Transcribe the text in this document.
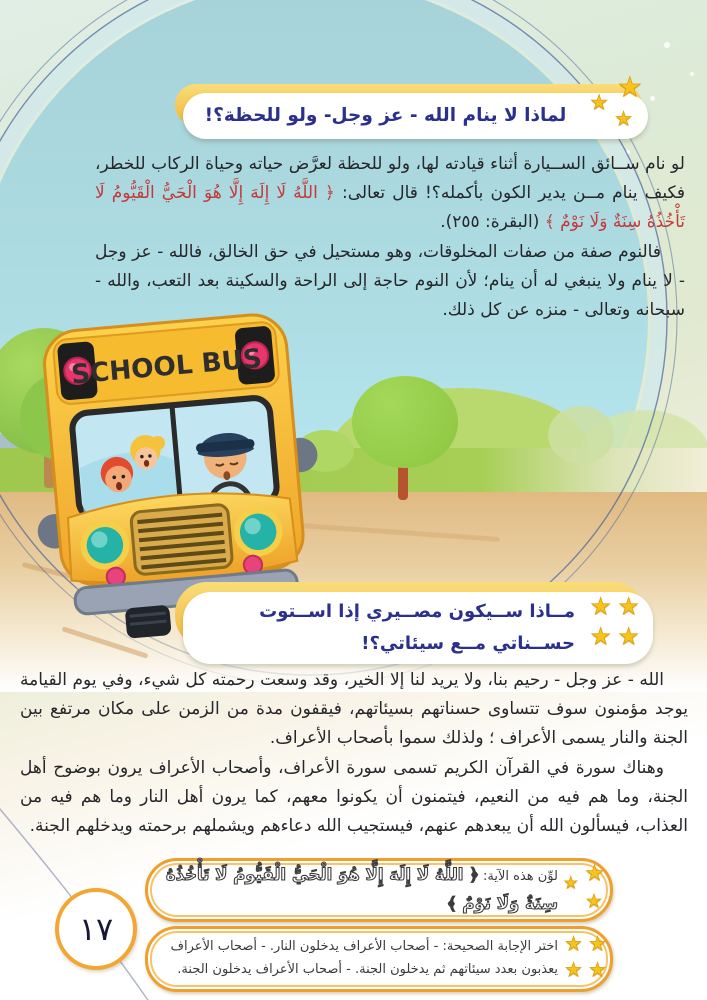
لماذا لا ينام الله - عز وجل- ولو للحظة؟!
★
★
★

لو نام ســائق الســيارة أثناء قيادته لها، ولو للحظة لعرَّض حياته وحياة الركاب للخطر، فكيف ينام مــن يدير الكون بأكمله؟! قال تعالى: ﴿ اللَّهُ لَا إِلَهَ إِلَّا هُوَ الْحَيُّ الْقَيُّومُ لَا تَأْخُذُهُ سِنَةٌ وَلَا نَوْمٌ ﴾ (البقرة: ٢٥٥).

فالنوم صفة من صفات المخلوقات، وهو مستحيل في حق الخالق، فالله - عز وجل - لا ينام ولا ينبغي له أن ينام؛ لأن النوم حاجة إلى الراحة والسكينة بعد التعب، والله - سبحانه وتعالى - منزه عن كل ذلك.

SCHOOL BUS
مــاذا ســيكون مصــيري إذا اســتوت حســناتي مــع سيئاتي؟!
★
★
★
★

الله - عز وجل - رحيم بنا، ولا يريد لنا إلا الخير، وقد وسعت رحمته كل شيء، وفي يوم القيامة يوجد مؤمنون سوف تتساوى حسناتهم بسيئاتهم، فيقفون مدة من الزمن على مكان مرتفع بين الجنة والنار يسمى الأعراف ؛ ولذلك سموا بأصحاب الأعراف.

وهناك سورة في القرآن الكريم تسمى سورة الأعراف، وأصحاب الأعراف يرون بوضوح أهل الجنة، وما هم فيه من النعيم، فيتمنون أن يكونوا معهم، كما يرون أهل النار وما هم فيه من العذاب، فيسألون الله أن يبعدهم عنهم، فيستجيب الله دعاءهم ويشملهم برحمته ويدخلهم الجنة.

★
★
★
لوِّن هذه الآية: ﴿ اللَّهُ لَا إِلَهَ إِلَّا هُوَ الْحَيُّ الْقَيُّومُ لَا تَأْخُذُهُ سِنَةٌ وَلَا نَوْمٌ ﴾
★
★
★
★
اختر الإجابة الصحيحة: - أصحاب الأعراف يدخلون النار. - أصحاب الأعراف يعذبون بعدد سيئاتهم ثم يدخلون الجنة. - أصحاب الأعراف يدخلون الجنة.
١٧
